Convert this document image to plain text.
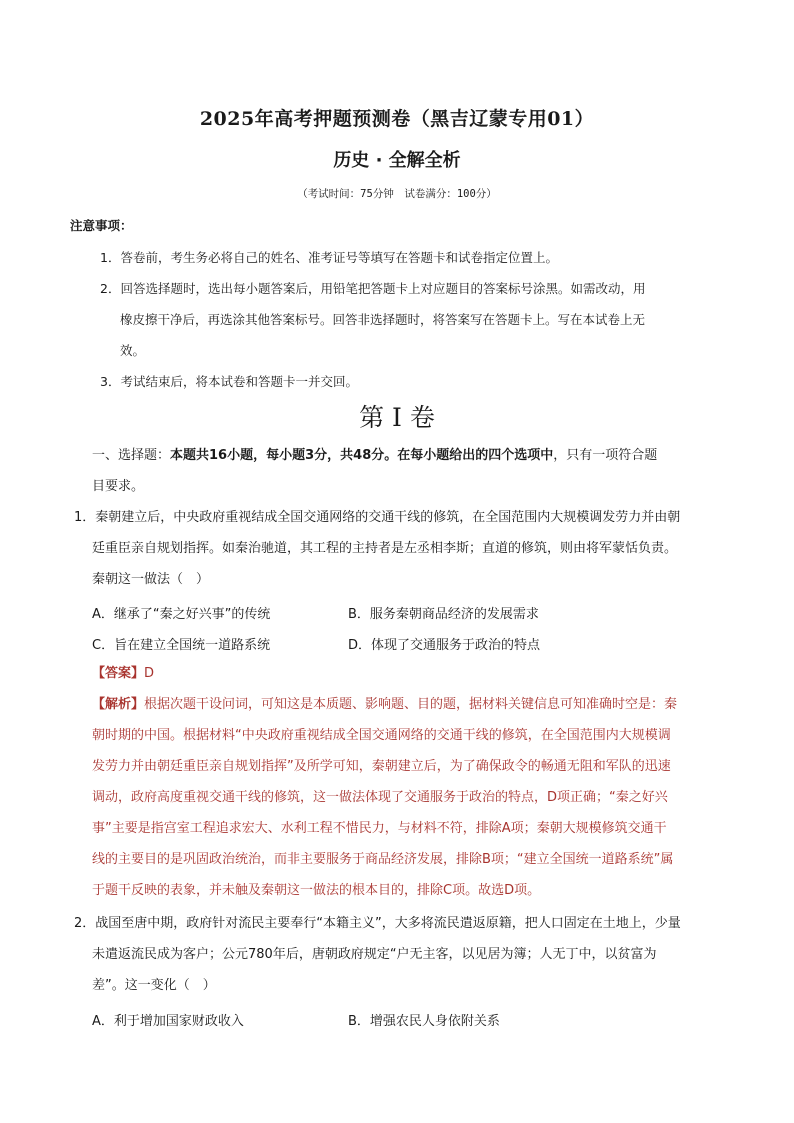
2025年高考押题预测卷（黑吉辽蒙专用01）
历史 · 全解全析
（考试时间：75分钟　试卷满分：100分）
注意事项：
1．答卷前，考生务必将自己的姓名、准考证号等填写在答题卡和试卷指定位置上。
2．回答选择题时，选出每小题答案后，用铅笔把答题卡上对应题目的答案标号涂黑。如需改动，用
橡皮擦干净后，再选涂其他答案标号。回答非选择题时，将答案写在答题卡上。写在本试卷上无
效。
3．考试结束后，将本试卷和答题卡一并交回。
第 I 卷
一、选择题：本题共16小题，每小题3分，共48分。在每小题给出的四个选项中，只有一项符合题
目要求。
1．秦朝建立后，中央政府重视结成全国交通网络的交通干线的修筑，在全国范围内大规模调发劳力并由朝
廷重臣亲自规划指挥。如秦治驰道，其工程的主持者是左丞相李斯；直道的修筑，则由将军蒙恬负责。
秦朝这一做法（　）
A．继承了“秦之好兴事”的传统	B．服务秦朝商品经济的发展需求
C．旨在建立全国统一道路系统	D．体现了交通服务于政治的特点
【答案】D
【解析】根据次题干设问词，可知这是本质题、影响题、目的题，据材料关键信息可知准确时空是：秦
朝时期的中国。根据材料“中央政府重视结成全国交通网络的交通干线的修筑，在全国范围内大规模调
发劳力并由朝廷重臣亲自规划指挥”及所学可知，秦朝建立后，为了确保政令的畅通无阻和军队的迅速
调动，政府高度重视交通干线的修筑，这一做法体现了交通服务于政治的特点，D项正确；“秦之好兴
事”主要是指宫室工程追求宏大、水利工程不惜民力，与材料不符，排除A项；秦朝大规模修筑交通干
线的主要目的是巩固政治统治，而非主要服务于商品经济发展，排除B项；“建立全国统一道路系统”属
于题干反映的表象，并未触及秦朝这一做法的根本目的，排除C项。故选D项。
2．战国至唐中期，政府针对流民主要奉行“本籍主义”，大多将流民遣返原籍，把人口固定在土地上，少量
未遣返流民成为客户；公元780年后，唐朝政府规定“户无主客，以见居为簿；人无丁中，以贫富为
差”。这一变化（　）
A．利于增加国家财政收入	B．增强农民人身依附关系
